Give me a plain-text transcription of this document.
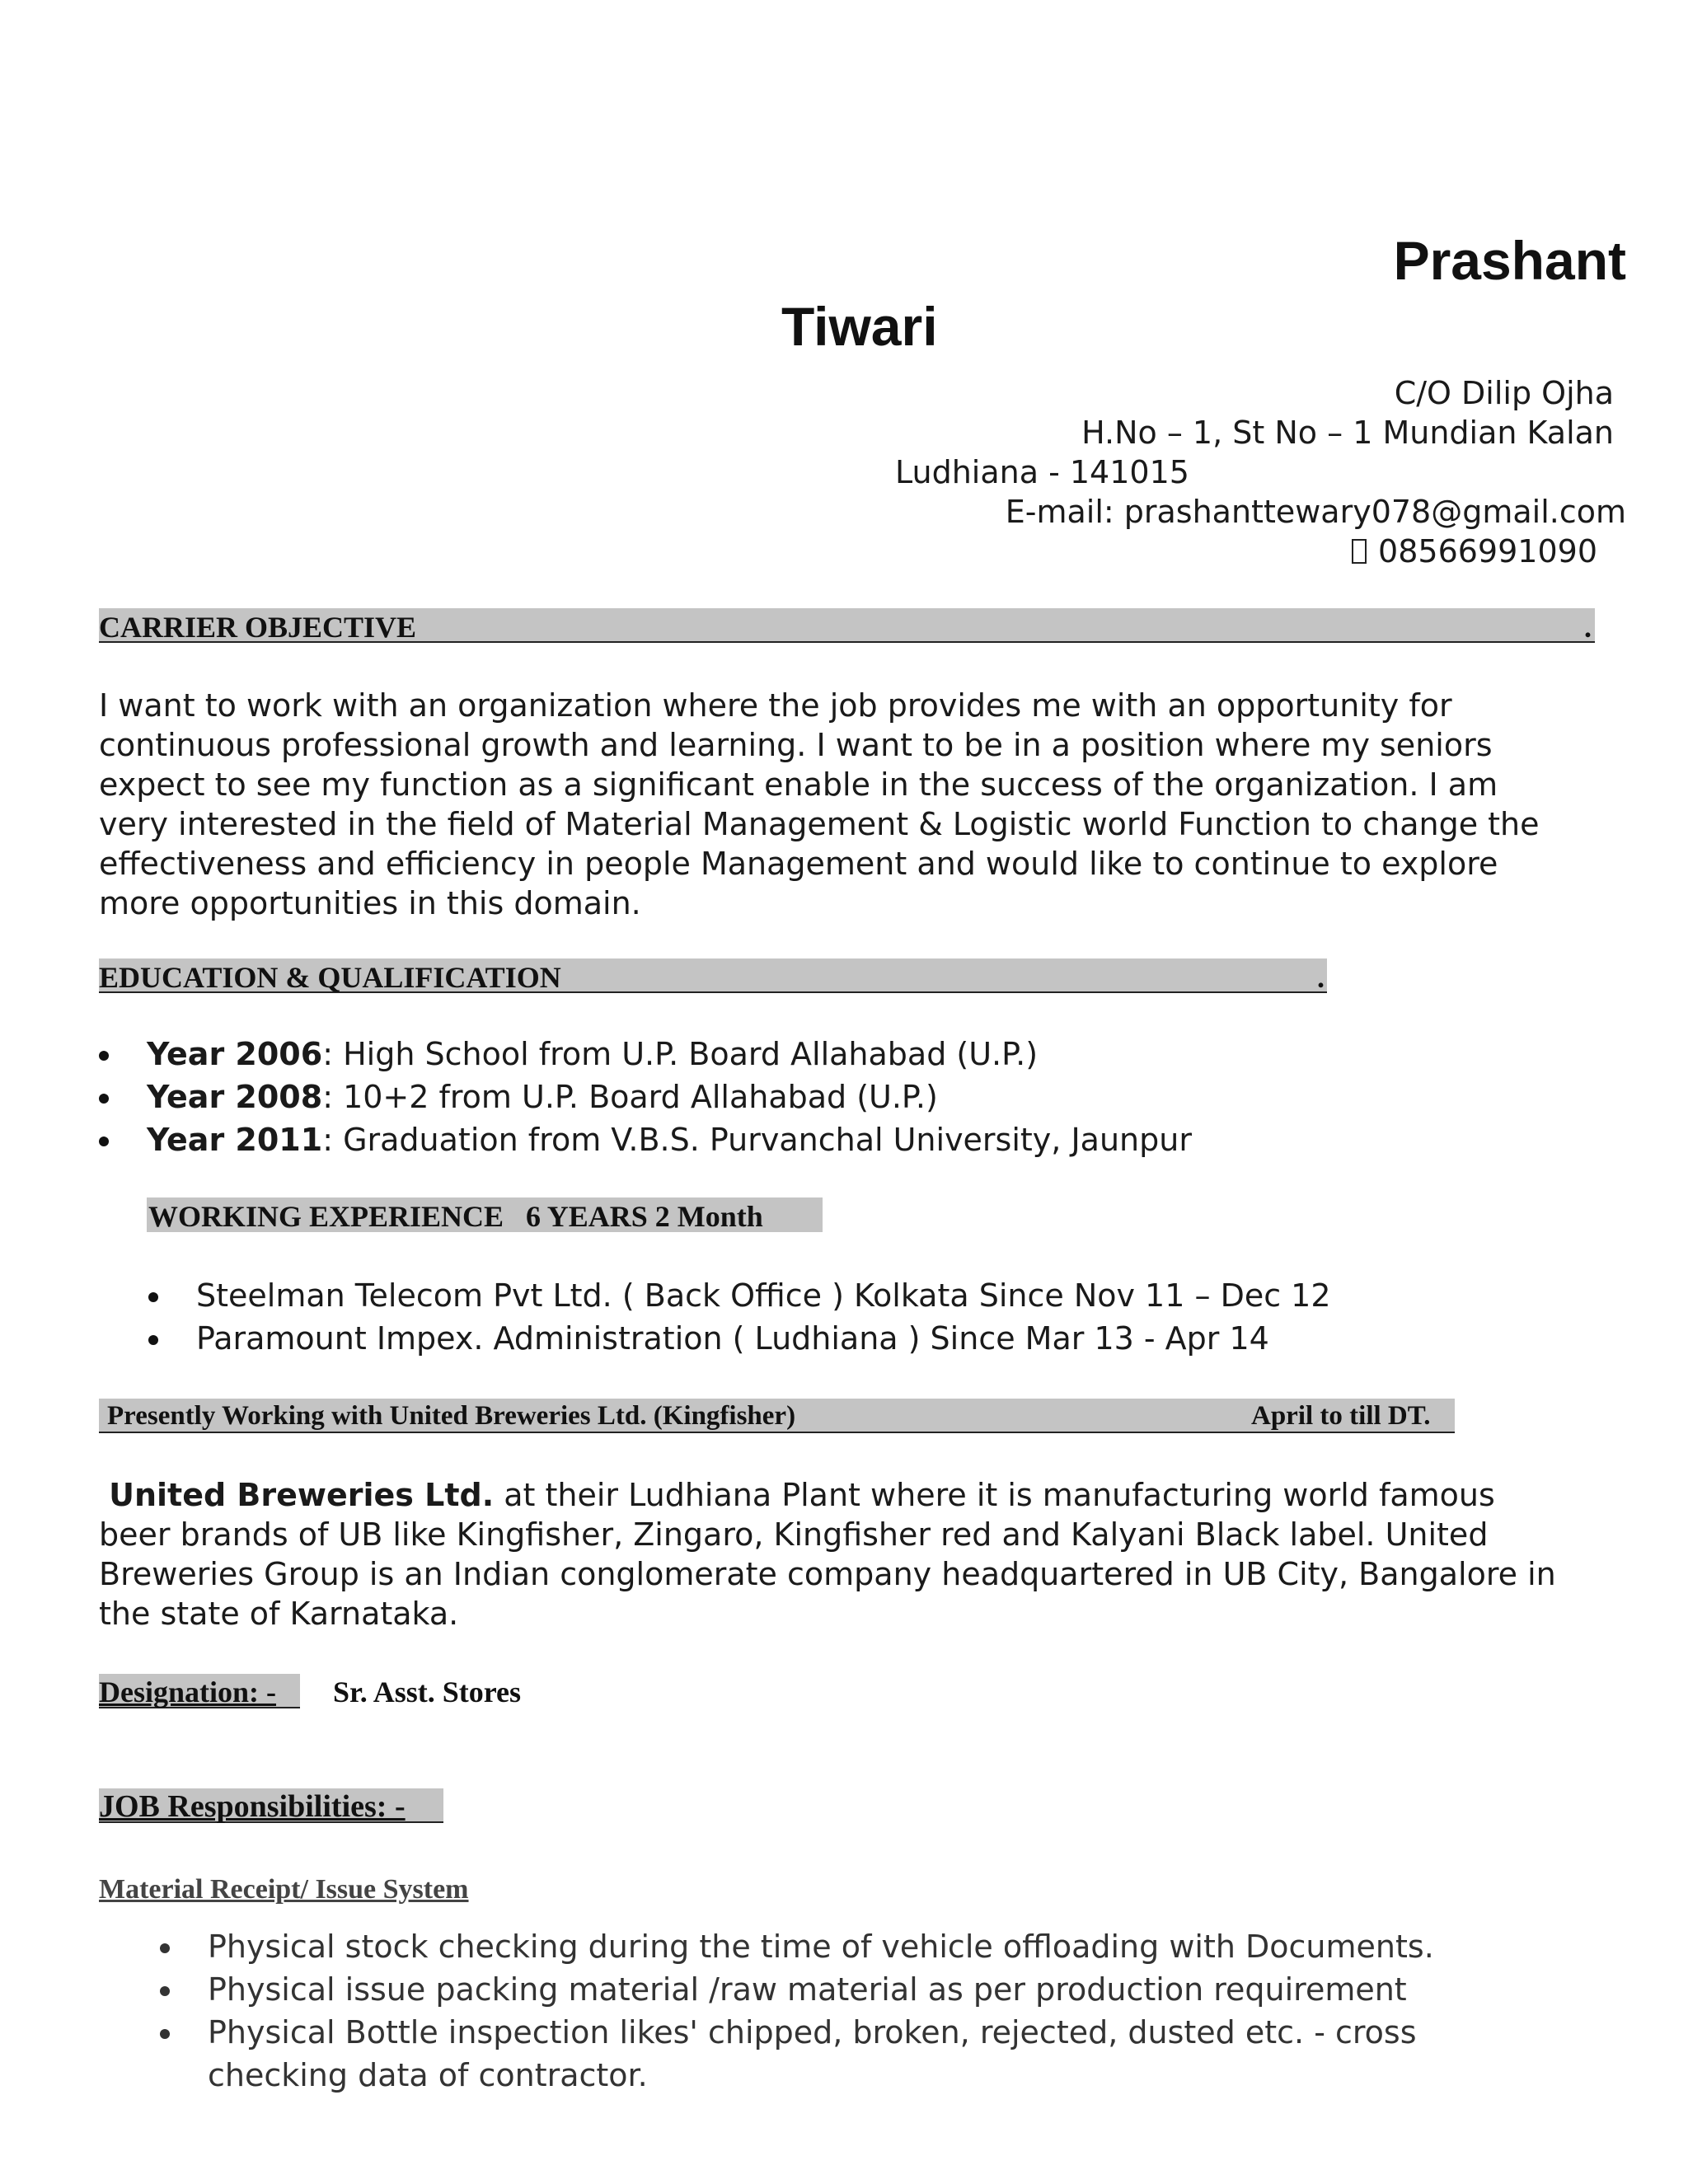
Prashant
Tiwari
C/O Dilip Ojha
H.No – 1, St No – 1 Mundian Kalan
Ludhiana - 141015
E-mail: prashanttewary078@gmail.com
08566991090
CARRIER OBJECTIVE	.
I want to work with an organization where the job provides me with an opportunity for
continuous professional growth and learning. I want to be in a position where my seniors
expect to see my function as a significant enable in the success of the organization. I am
very interested in the field of Material Management & Logistic world Function to change the
effectiveness and efficiency in people Management and would like to continue to explore
more opportunities in this domain.
EDUCATION & QUALIFICATION	.
Year 2006: High School from U.P. Board Allahabad (U.P.)
Year 2008: 10+2 from U.P. Board Allahabad (U.P.)
Year 2011: Graduation from V.B.S. Purvanchal University, Jaunpur
WORKING EXPERIENCE   6 YEARS 2 Month
Steelman Telecom Pvt Ltd. ( Back Office ) Kolkata Since Nov 11 – Dec 12
Paramount Impex. Administration ( Ludhiana ) Since Mar 13 - Apr 14
Presently Working with United Breweries Ltd. (Kingfisher)	April to till DT.
United Breweries Ltd. at their Ludhiana Plant where it is manufacturing world famous
beer brands of UB like Kingfisher, Zingaro, Kingfisher red and Kalyani Black label. United
Breweries Group is an Indian conglomerate company headquartered in UB City, Bangalore in
the state of Karnataka.
Designation: - Sr. Asst. Stores
JOB Responsibilities: -
Material Receipt/ Issue System
Physical stock checking during the time of vehicle offloading with Documents.
Physical issue packing material /raw material as per production requirement
Physical Bottle inspection likes' chipped, broken, rejected, dusted etc. - cross
checking data of contractor.
